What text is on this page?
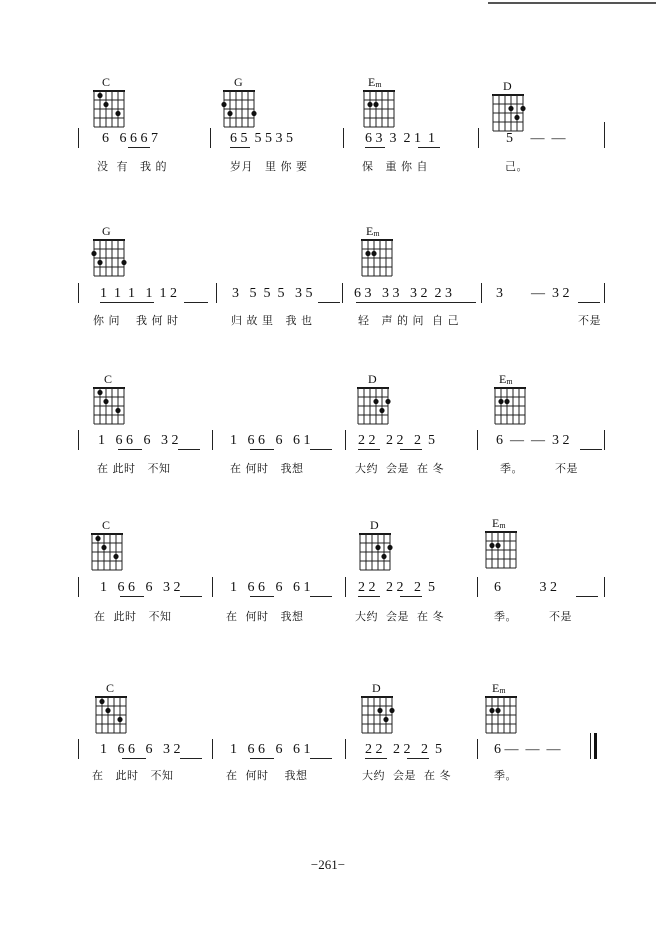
C	G	$E_m$	D
6   6 6 6 7	6 5  5 5 3 5	6 3  3  2 1  1	5     —  —
没  有   我 的	岁月   里 你 要	保   重 你 自	己。
G	$E_m$
1  1  1   1  1 2	3   5  5  5   3 5	6 3   3 3   3 2  2 3	3        —  3 2
你 问    我 何 时	归 故 里   我 也	轻   声 的 问  自 己	不是
C	D	$E_m$
1   6 6   6   3 2	1   6 6   6   6 1	2 2   2 2   2  5	6  —  —  3 2
在 此时   不知	在 何时   我想	大约  会是  在 冬	季。        不是
C	D	$E_m$
1   6 6   6   3 2	1   6 6   6   6 1	2 2   2 2   2  5	6           3 2
在  此时   不知	在  何时   我想	大约  会是  在 冬	季。        不是
C	D	$E_m$
1   6 6   6   3 2	1   6 6   6   6 1	2 2   2 2   2  5	6 —  —  —
在   此时   不知	在  何时    我想	大约  会是  在 冬	季。
−261−
